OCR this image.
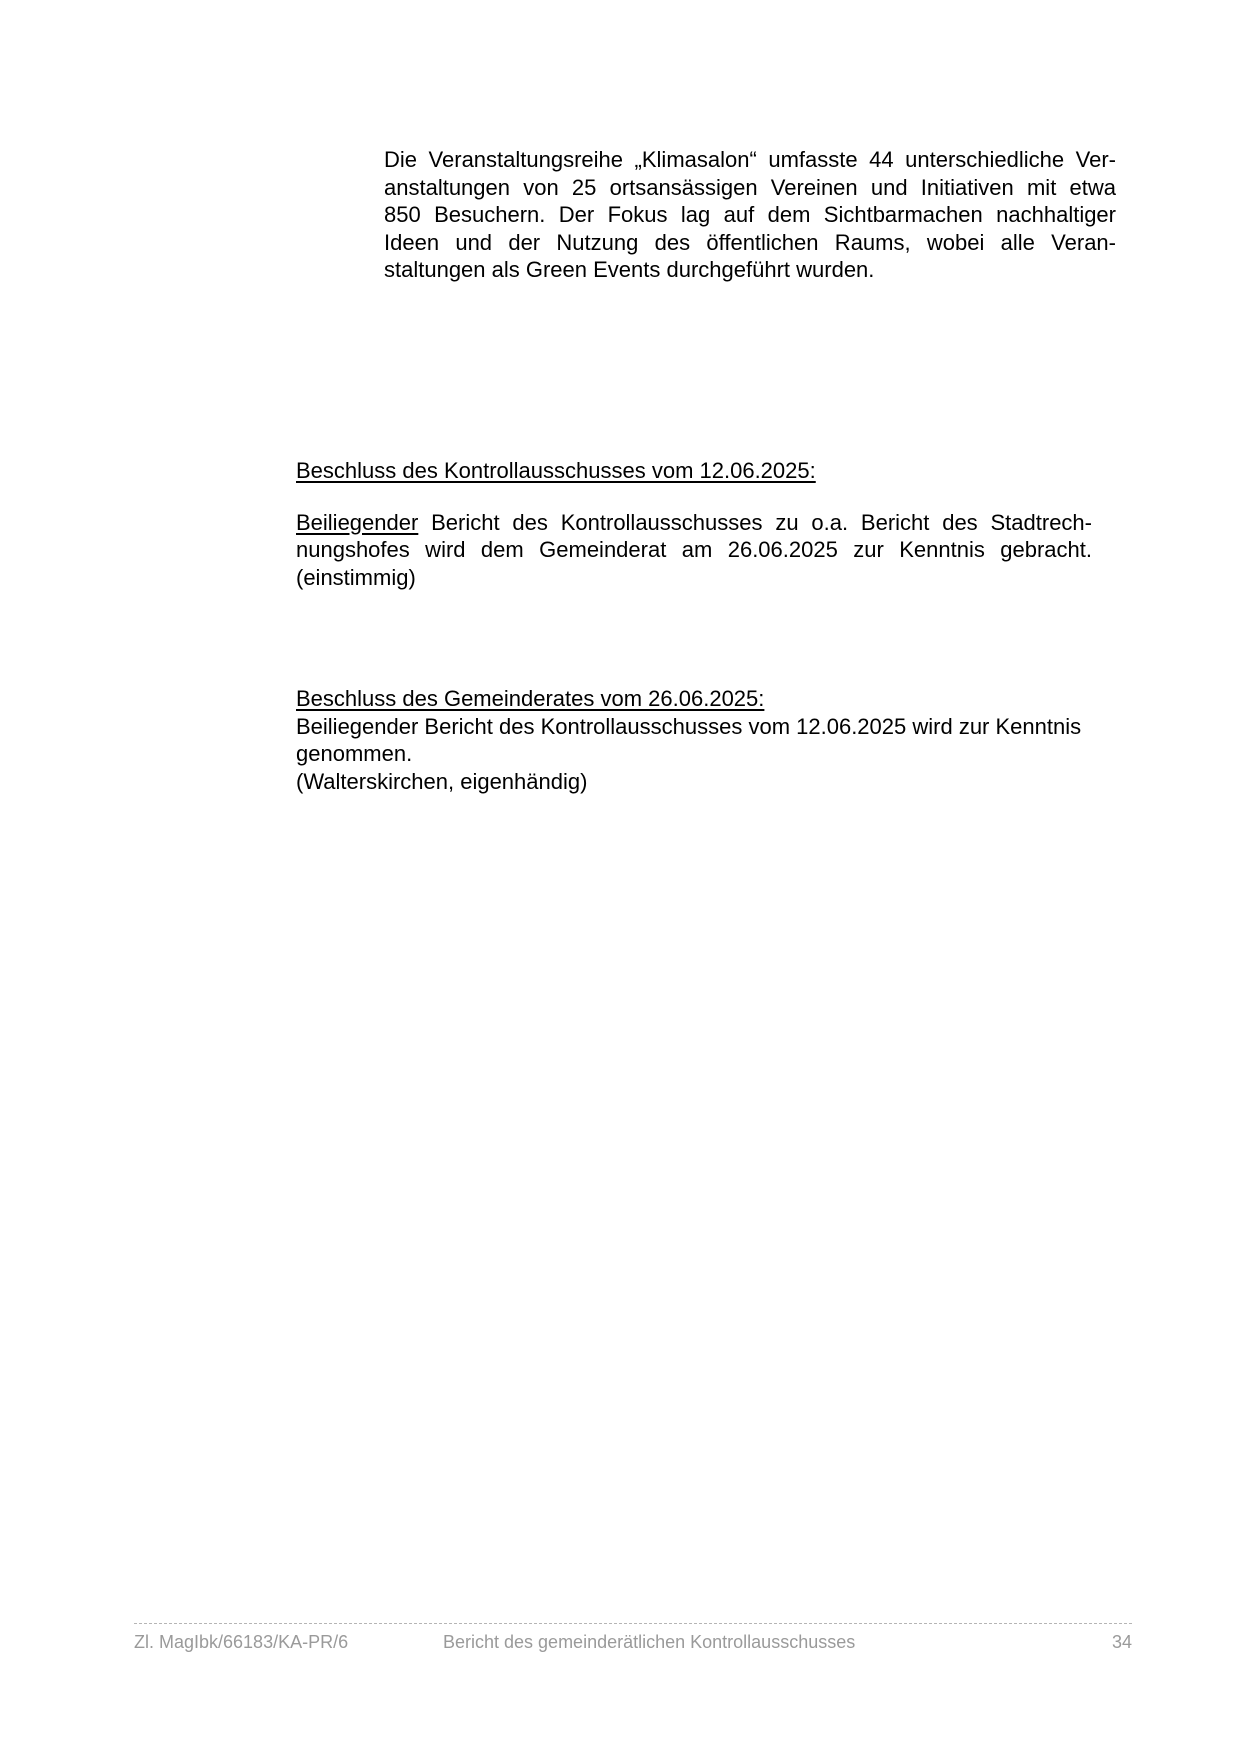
Die Veranstaltungsreihe „Klimasalon“ umfasste 44 unterschiedliche Ver-
anstaltungen von 25 ortsansässigen Vereinen und Initiativen mit etwa
850 Besuchern. Der Fokus lag auf dem Sichtbarmachen nachhaltiger
Ideen und der Nutzung des öffentlichen Raums, wobei alle Veran-
staltungen als Green Events durchgeführt wurden.
Beschluss des Kontrollausschusses vom 12.06.2025:
Beiliegender Bericht des Kontrollausschusses zu o.a. Bericht des Stadtrech-
nungshofes wird dem Gemeinderat am 26.06.2025 zur Kenntnis gebracht.
(einstimmig)
Beschluss des Gemeinderates vom 26.06.2025:
Beiliegender Bericht des Kontrollausschusses vom 12.06.2025 wird zur Kenntnis
genommen.
(Walterskirchen, eigenhändig)
Zl. MagIbk/66183/KA-PR/6	Bericht des gemeinderätlichen Kontrollausschusses	34
